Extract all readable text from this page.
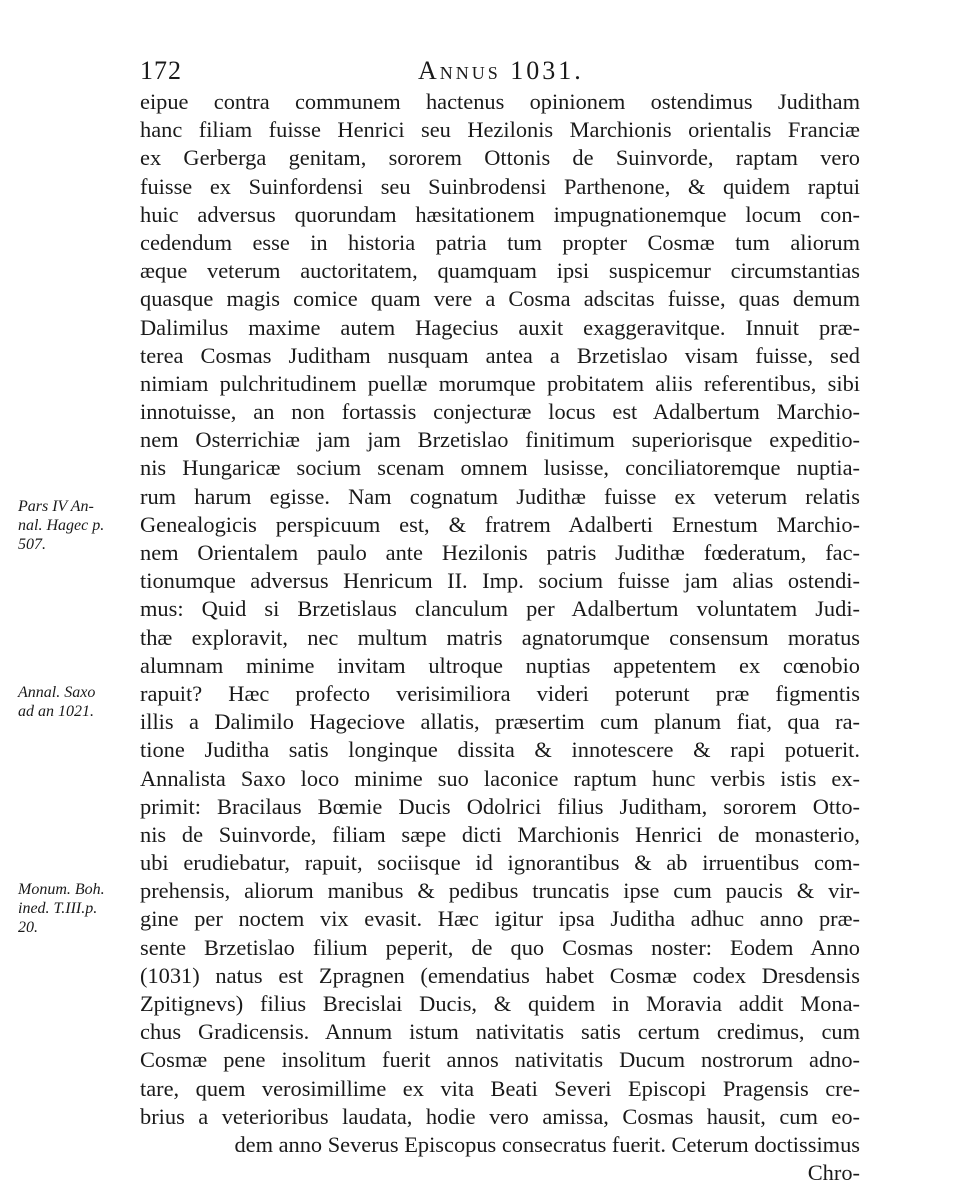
172	Annus 1031.
Pars IV An-
nal. Hagec p.
507.
Annal. Saxo
ad an 1021.
Monum. Boh.
ined. T.III.p.
20.
eipue contra communem hactenus opinionem ostendimus Juditham
hanc filiam fuisse Henrici seu Hezilonis Marchionis orientalis Franciæ
ex Gerberga genitam, sororem Ottonis de Suinvorde, raptam vero
fuisse ex Suinfordensi seu Suinbrodensi Parthenone, & quidem raptui
huic adversus quorundam hæsitationem impugnationemque locum con-
cedendum esse in historia patria tum propter Cosmæ tum aliorum
æque veterum auctoritatem, quamquam ipsi suspicemur circumstantias
quasque magis comice quam vere a Cosma adscitas fuisse, quas demum
Dalimilus maxime autem Hagecius auxit exaggeravitque. Innuit præ-
terea Cosmas Juditham nusquam antea a Brzetislao visam fuisse, sed
nimiam pulchritudinem puellæ morumque probitatem aliis referentibus, sibi
innotuisse, an non fortassis conjecturæ locus est Adalbertum Marchio-
nem Osterrichiæ jam jam Brzetislao finitimum superiorisque expeditio-
nis Hungaricæ socium scenam omnem lusisse, conciliatoremque nuptia-
rum harum egisse. Nam cognatum Judithæ fuisse ex veterum relatis
Genealogicis perspicuum est, & fratrem Adalberti Ernestum Marchio-
nem Orientalem paulo ante Hezilonis patris Judithæ fœderatum, fac-
tionumque adversus Henricum II. Imp. socium fuisse jam alias ostendi-
mus: Quid si Brzetislaus clanculum per Adalbertum voluntatem Judi-
thæ exploravit, nec multum matris agnatorumque consensum moratus
alumnam minime invitam ultroque nuptias appetentem ex cœnobio
rapuit? Hæc profecto verisimiliora videri poterunt præ figmentis
illis a Dalimilo Hageciove allatis, præsertim cum planum fiat, qua ra-
tione Juditha satis longinque dissita & innotescere & rapi potuerit.
Annalista Saxo loco minime suo laconice raptum hunc verbis istis ex-
primit: Bracilaus Bœmie Ducis Odolrici filius Juditham, sororem Otto-
nis de Suinvorde, filiam sæpe dicti Marchionis Henrici de monasterio,
ubi erudiebatur, rapuit, sociisque id ignorantibus & ab irruentibus com-
prehensis, aliorum manibus & pedibus truncatis ipse cum paucis & vir-
gine per noctem vix evasit. Hæc igitur ipsa Juditha adhuc anno præ-
sente Brzetislao filium peperit, de quo Cosmas noster: Eodem Anno
(1031) natus est Zpragnen (emendatius habet Cosmæ codex Dresdensis
Zpitignevs) filius Brecislai Ducis, & quidem in Moravia addit Mona-
chus Gradicensis. Annum istum nativitatis satis certum credimus, cum
Cosmæ pene insolitum fuerit annos nativitatis Ducum nostrorum adno-
tare, quem verosimillime ex vita Beati Severi Episcopi Pragensis cre-
brius a veterioribus laudata, hodie vero amissa, Cosmas hausit, cum eo-
dem anno Severus Episcopus consecratus fuerit. Ceterum doctissimus
Chro-
